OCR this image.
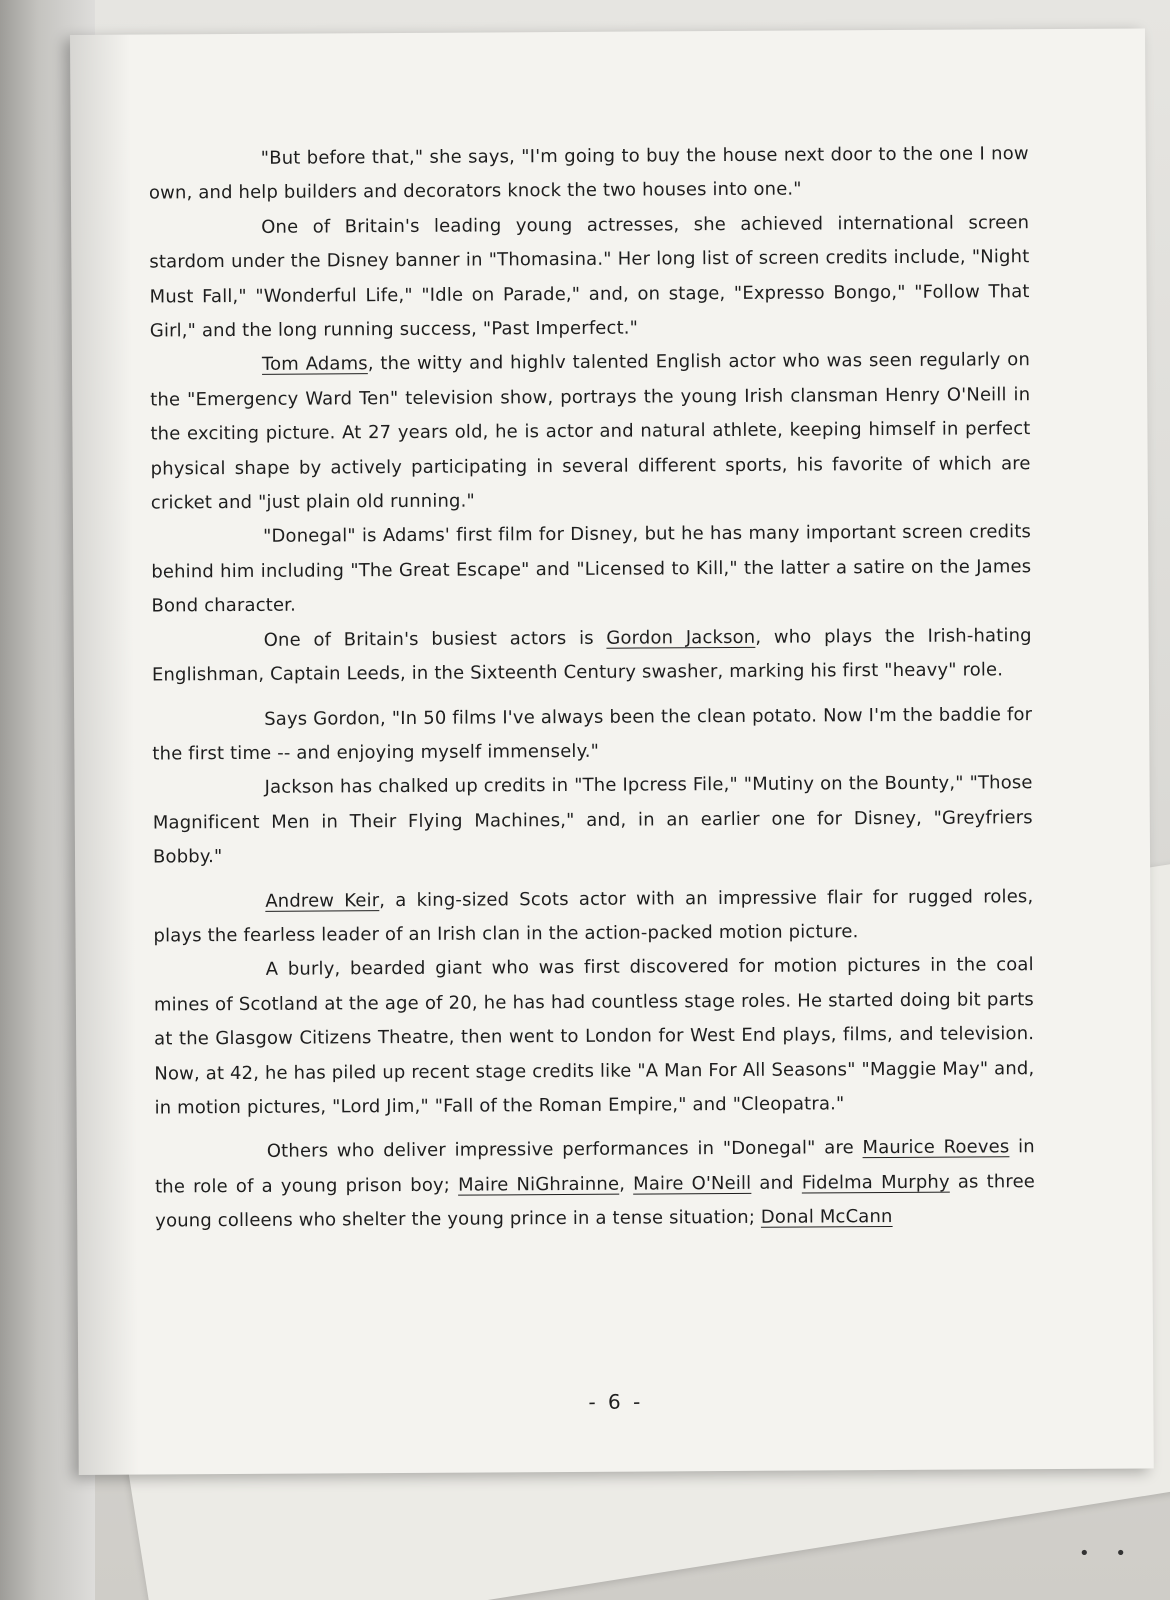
"But before that," she says, "I'm going to buy the house next door to the one I now own, and help builders and decorators knock the two houses into one."

One of Britain's leading young actresses, she achieved international screen stardom under the Disney banner in "Thomasina." Her long list of screen credits include, "Night Must Fall," "Wonderful Life," "Idle on Parade," and, on stage, "Expresso Bongo," "Follow That Girl," and the long running success, "Past Imperfect."

Tom Adams, the witty and highlv talented English actor who was seen regularly on the "Emergency Ward Ten" television show, portrays the young Irish clansman Henry O'Neill in the exciting picture. At 27 years old, he is actor and natural athlete, keeping himself in perfect physical shape by actively participating in several different sports, his favorite of which are cricket and "just plain old running."

"Donegal" is Adams' first film for Disney, but he has many important screen credits behind him including "The Great Escape" and "Licensed to Kill," the latter a satire on the James Bond character.

One of Britain's busiest actors is Gordon Jackson, who plays the Irish-hating Englishman, Captain Leeds, in the Sixteenth Century swasher, marking his first "heavy" role.

Says Gordon, "In 50 films I've always been the clean potato. Now I'm the baddie for the first time -- and enjoying myself immensely."

Jackson has chalked up credits in "The Ipcress File," "Mutiny on the Bounty," "Those Magnificent Men in Their Flying Machines," and, in an earlier one for Disney, "Greyfriers Bobby."

Andrew Keir, a king-sized Scots actor with an impressive flair for rugged roles, plays the fearless leader of an Irish clan in the action-packed motion picture.

A burly, bearded giant who was first discovered for motion pictures in the coal mines of Scotland at the age of 20, he has had countless stage roles. He started doing bit parts at the Glasgow Citizens Theatre, then went to London for West End plays, films, and television. Now, at 42, he has piled up recent stage credits like "A Man For All Seasons" "Maggie May" and, in motion pictures, "Lord Jim," "Fall of the Roman Empire," and "Cleopatra."

Others who deliver impressive performances in "Donegal" are Maurice Roeves in the role of a young prison boy; Maire NiGhrainne, Maire O'Neill and Fidelma Murphy as three young colleens who shelter the young prince in a tense situation; Donal McCann

- 6 -
• •
